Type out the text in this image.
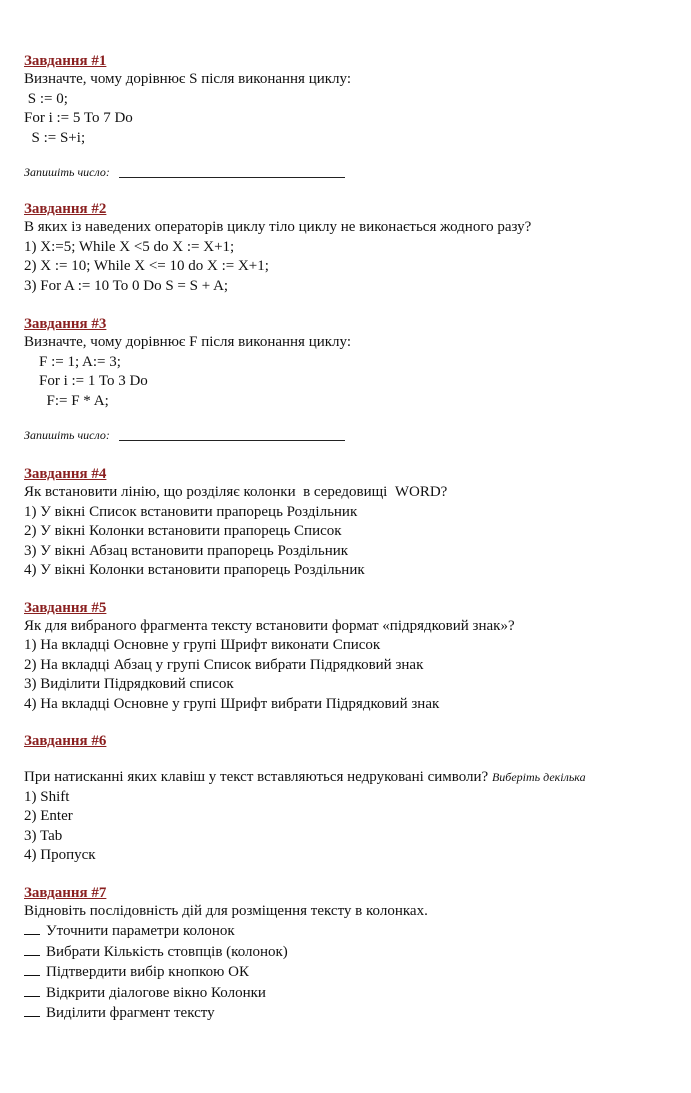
Завдання #1
Визначте, чому дорівнює S після виконання циклу:
S := 0;
For i := 5 To 7 Do
S := S+i;
Запишіть число:
Завдання #2
В яких із наведених операторів циклу тіло циклу не виконається жодного разу?
1) X:=5; While X <5 do X := X+1;
2) X := 10; While X <= 10 do X := X+1;
3) For A := 10 To 0 Do S = S + A;
Завдання #3
Визначте, чому дорівнює F після виконання циклу:
F := 1; A:= 3;
For i := 1 To 3 Do
F:= F * A;
Запишіть число:
Завдання #4
Як встановити лінію, що розділяє колонки  в середовищі  WORD?
1) У вікні Список встановити прапорець Роздільник
2) У вікні Колонки встановити прапорець Список
3) У вікні Абзац встановити прапорець Роздільник
4) У вікні Колонки встановити прапорець Роздільник
Завдання #5
Як для вибраного фрагмента тексту встановити формат «підрядковий знак»?
1) На вкладці Основне у групі Шрифт виконати Список
2) На вкладці Абзац у групі Список вибрати Підрядковий знак
3) Виділити Підрядковий список
4) На вкладці Основне у групі Шрифт вибрати Підрядковий знак
Завдання #6
При натисканні яких клавіш у текст вставляються недруковані символи? Виберіть декілька
1) Shift
2) Enter
3) Tab
4) Пропуск
Завдання #7
Відновіть послідовність дій для розміщення тексту в колонках.
Уточнити параметри колонок
Вибрати Кількість стовпців (колонок)
Підтвердити вибір кнопкою ОК
Відкрити діалогове вікно Колонки
Виділити фрагмент тексту
